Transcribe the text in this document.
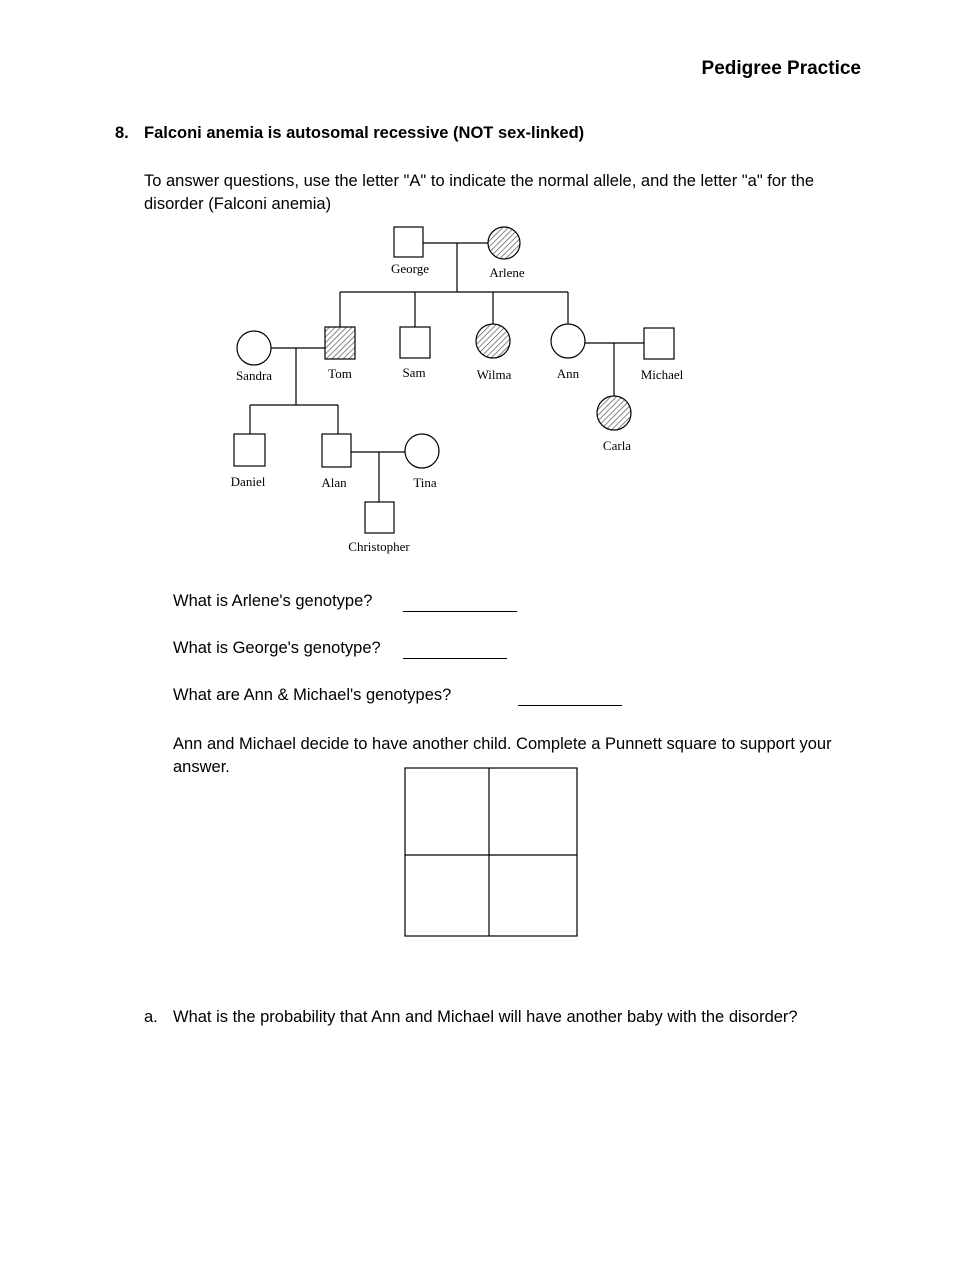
Pedigree Practice
8. Falconi anemia is autosomal recessive (NOT sex-linked)
To answer questions, use the letter "A" to indicate the normal allele, and the letter "a" for the disorder (Falconi anemia)
George	Arlene
Sandra	Tom	Sam	Wilma	Ann	Michael
Carla
Daniel	Alan	Tina
Christopher
What is Arlene's genotype?
What is George's genotype?
What are Ann & Michael's genotypes?
Ann and Michael decide to have another child. Complete a Punnett square to support your answer.
a. What is the probability that Ann and Michael will have another baby with the disorder?
